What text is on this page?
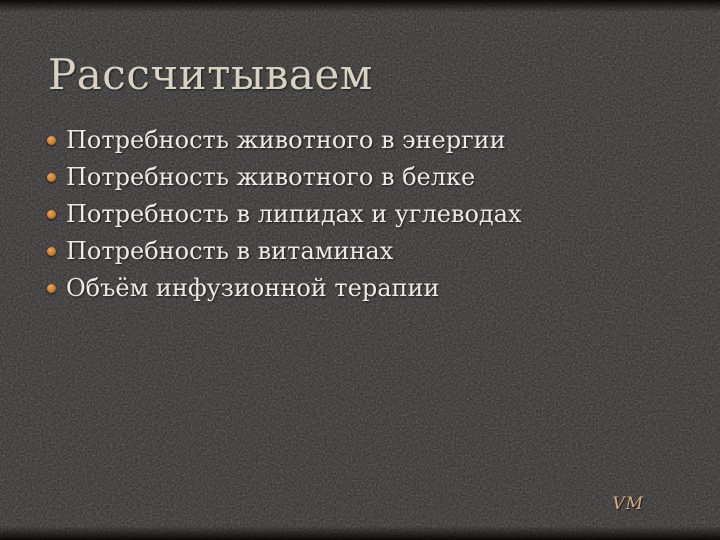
Рассчитываем
Потребность животного в энергии
Потребность животного в белке
Потребность в липидах и углеводах
Потребность в витаминах
Объём инфузионной терапии
VM
